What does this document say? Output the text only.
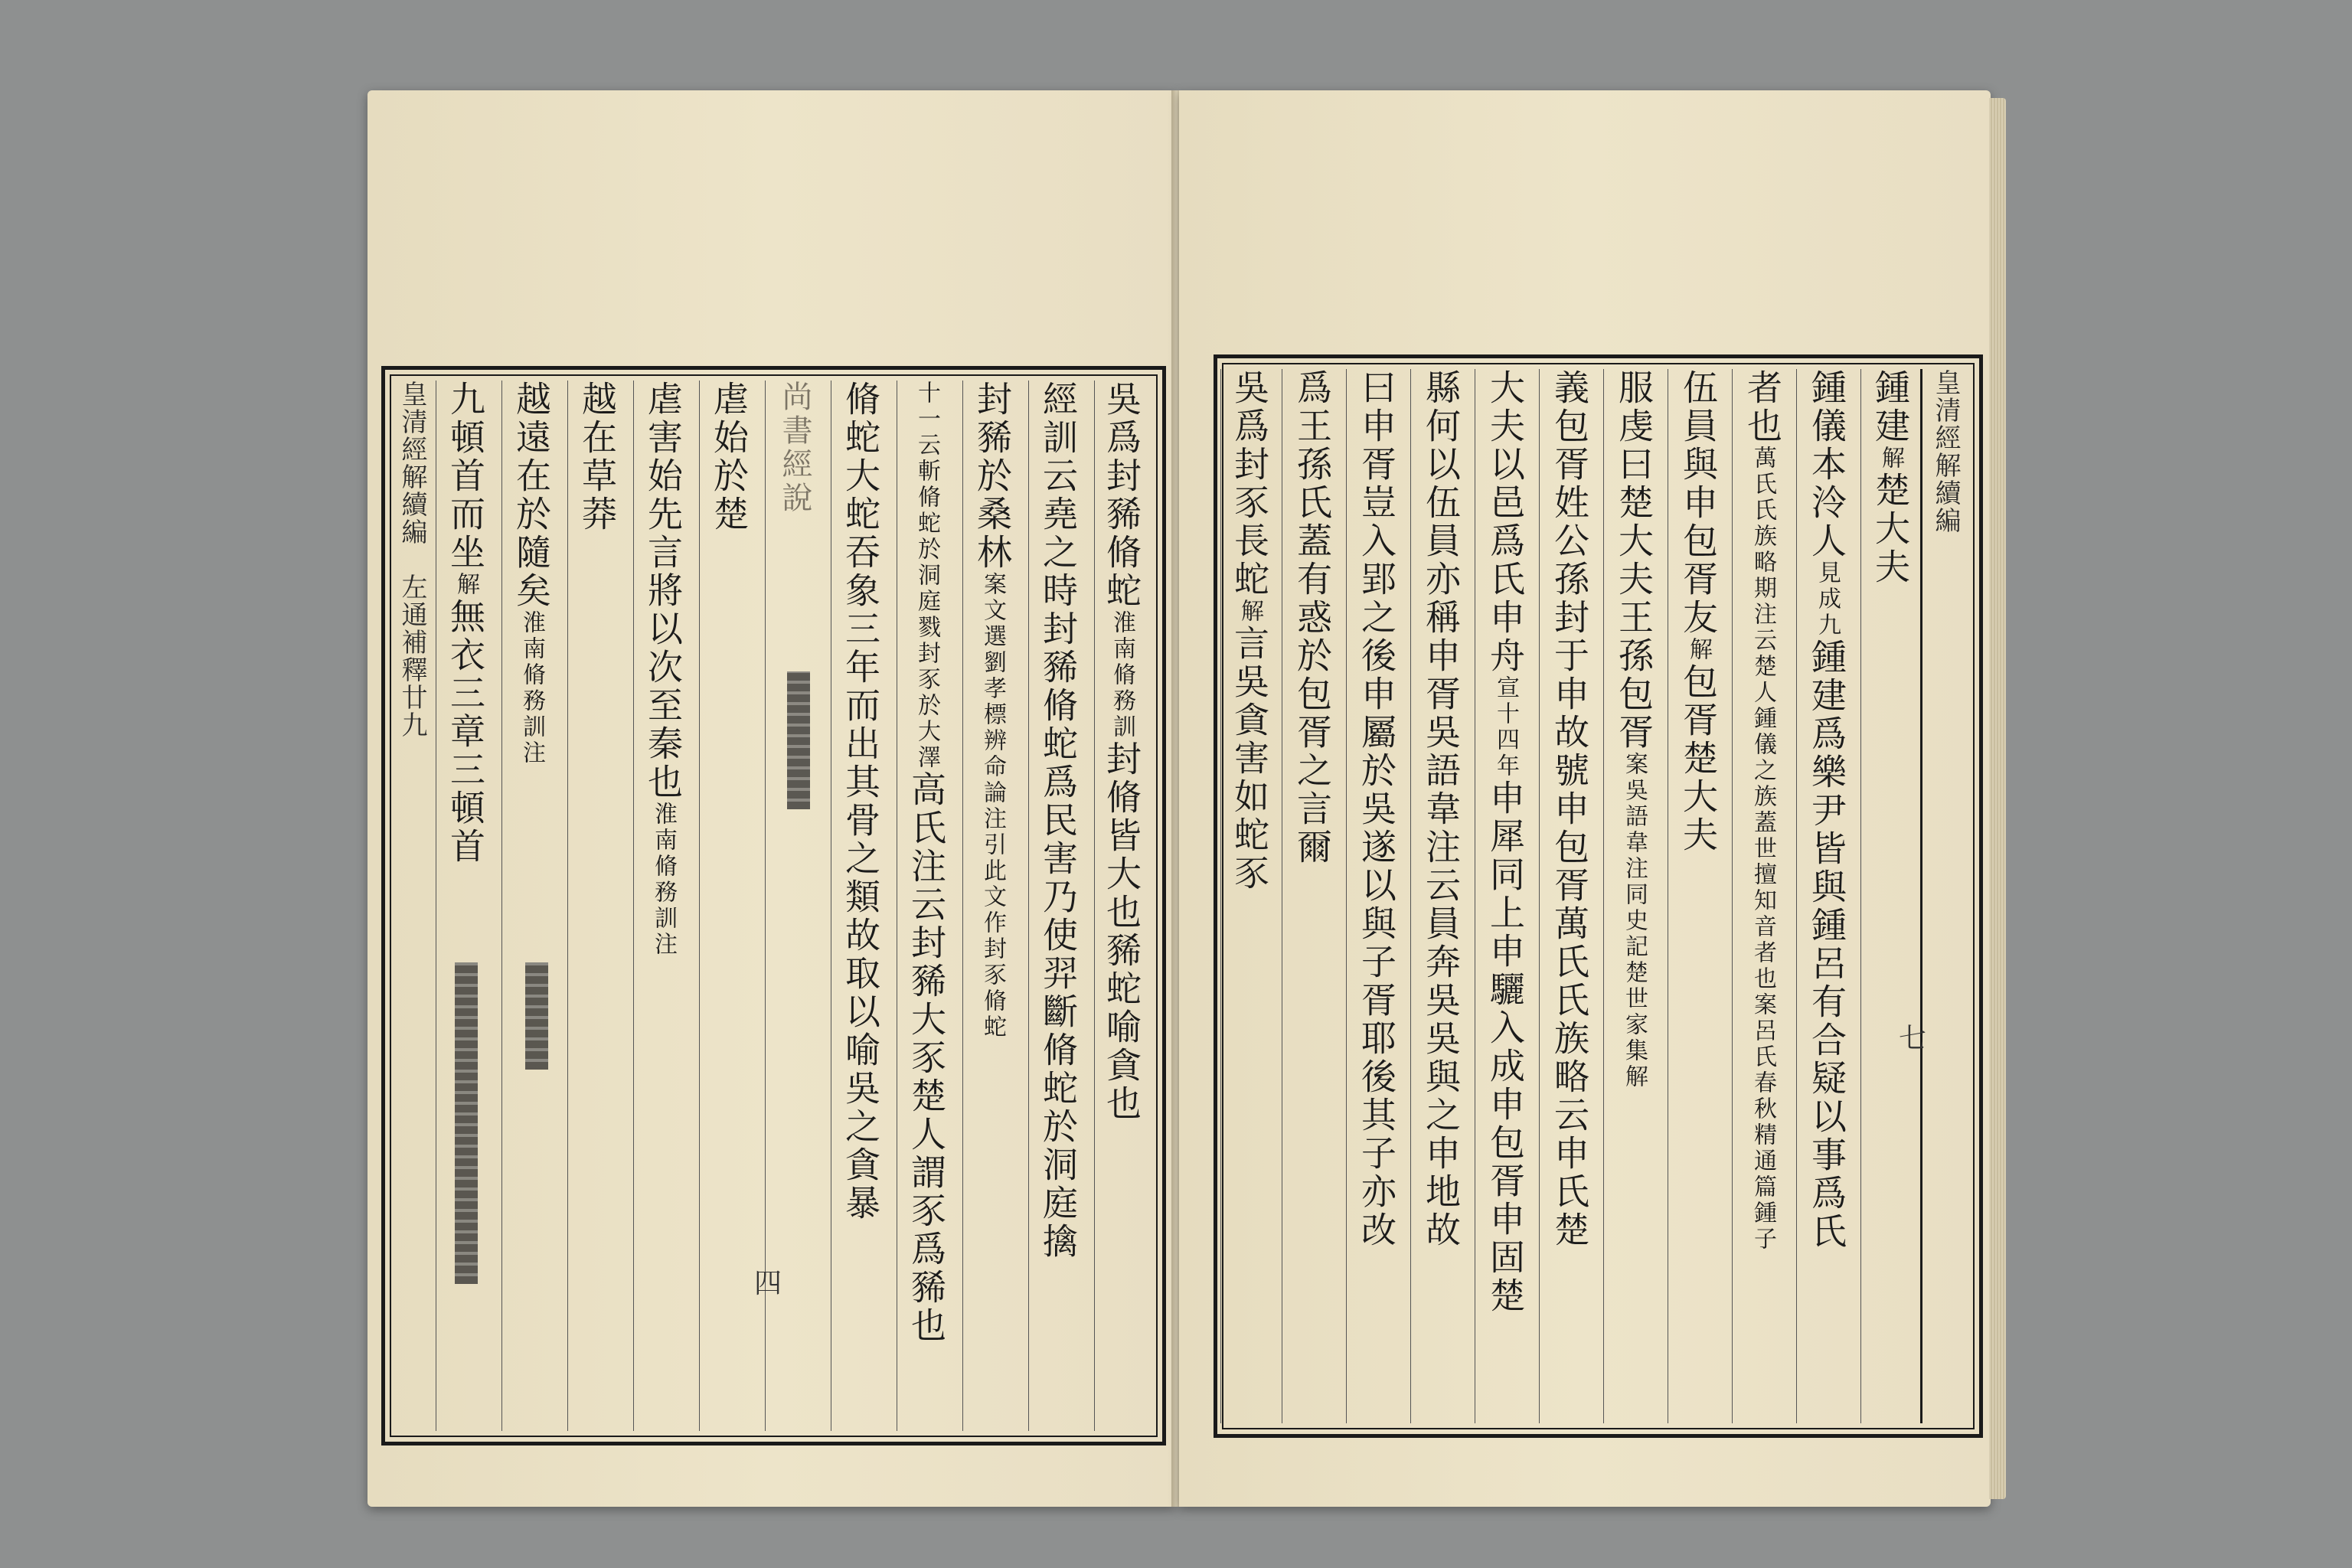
吳爲封豨脩蛇淮南脩務訓封脩皆大也豨蛇喻貪也
經訓云堯之時封豨脩蛇爲民害乃使羿斷脩蛇於洞庭擒
封豨於桑林案文選劉孝標辨命論注引此文作封豕脩蛇
十一云斬脩蛇於洞庭戮封豕於大澤高氏注云封豨大豕楚人謂豕爲豨也
脩蛇大蛇吞象三年而出其骨之類故取以喻吳之貪暴
尚書經說
虐始於楚
虐害始先言將以次至秦也淮南脩務訓注
越在草莽
越遠在於隨矣淮南脩務訓注
九頓首而坐解無衣三章三頓首
皇清經解續編　左通補釋廿九
四
皇清經解續編
鍾建解楚大夫
鍾儀本泠人見成九鍾建爲樂尹皆與鍾呂有合疑以事爲氏
者也萬氏氏族略期注云楚人鍾儀之族蓋世擅知音者也案呂氏春秋精通篇鍾子
伍員與申包胥友解包胥楚大夫
服虔曰楚大夫王孫包胥案吳語韋注同史記楚世家集解
義包胥姓公孫封于申故號申包胥萬氏氏族略云申氏楚
大夫以邑爲氏申舟宣十四年申犀同上申驪入成申包胥申固楚
縣何以伍員亦稱申胥吳語韋注云員奔吳吳與之申地故
曰申胥豈入郢之後申屬於吳遂以與子胥耶後其子亦改
爲王孫氏蓋有惑於包胥之言爾
吳爲封豕長蛇解言吳貪害如蛇豕
七
